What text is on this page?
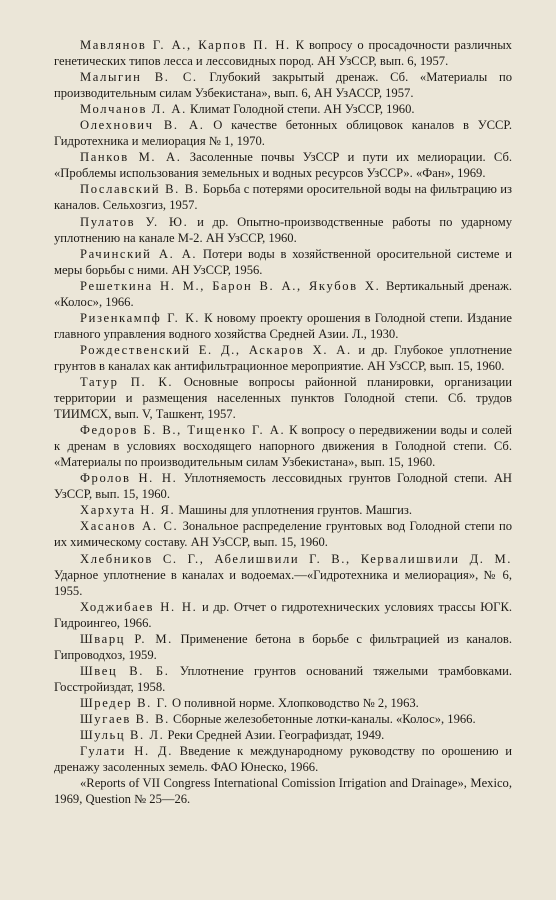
Мавлянов Г. А., Карпов П. Н. К вопросу о просадочности различных генетических типов лесса и лессовидных пород. АН УзССР, вып. 6, 1957.

Малыгин В. С. Глубокий закрытый дренаж. Сб. «Материалы по производительным силам Узбекистана», вып. 6, АН УзАССР, 1957.

Молчанов Л. А. Климат Голодной степи. АН УзССР, 1960.

Олехнович В. А. О качестве бетонных облицовок каналов в УССР. Гидротехника и мелиорация № 1, 1970.

Панков М. А. Засоленные почвы УзССР и пути их мелиорации. Сб. «Проблемы использования земельных и водных ресурсов УзССР». «Фан», 1969.

Пославский В. В. Борьба с потерями оросительной воды на фильтрацию из каналов. Сельхозгиз, 1957.

Пулатов У. Ю. и др. Опытно-производственные работы по ударному уплотнению на канале М-2. АН УзССР, 1960.

Рачинский А. А. Потери воды в хозяйственной оросительной системе и меры борьбы с ними. АН УзССР, 1956.

Решеткина Н. М., Барон В. А., Якубов Х. Вертикальный дренаж. «Колос», 1966.

Ризенкампф Г. К. К новому проекту орошения в Голодной степи. Издание главного управления водного хозяйства Средней Азии. Л., 1930.

Рождественский Е. Д., Аскаров Х. А. и др. Глубокое уплотнение грунтов в каналах как антифильтрационное мероприятие. АН УзССР, вып. 15, 1960.

Татур П. К. Основные вопросы районной планировки, организации территории и размещения населенных пунктов Голодной степи. Сб. трудов ТИИМСХ, вып. V, Ташкент, 1957.

Федоров Б. В., Тищенко Г. А. К вопросу о передвижении воды и солей к дренам в условиях восходящего напорного движения в Голодной степи. Сб. «Материалы по производительным силам Узбекистана», вып. 15, 1960.

Фролов Н. Н. Уплотняемость лессовидных грунтов Голодной степи. АН УзССР, вып. 15, 1960.

Хархута Н. Я. Машины для уплотнения грунтов. Машгиз.

Хасанов А. С. Зональное распределение грунтовых вод Голодной степи по их химическому составу. АН УзССР, вып. 15, 1960.

Хлебников С. Г., Абелишвили Г. В., Кервалишвили Д. М. Ударное уплотнение в каналах и водоемах.—«Гидротехника и мелиорация», № 6, 1955.

Ходжибаев Н. Н. и др. Отчет о гидротехнических условиях трассы ЮГК. Гидроингео, 1966.

Шварц Р. М. Применение бетона в борьбе с фильтрацией из каналов. Гипроводхоз, 1959.

Швец В. Б. Уплотнение грунтов оснований тяжелыми трамбовками. Госстройиздат, 1958.

Шредер В. Г. О поливной норме. Хлопководство № 2, 1963.

Шугаев В. В. Сборные железобетонные лотки-каналы. «Колос», 1966.

Шульц В. Л. Реки Средней Азии. Географиздат, 1949.

Гулати Н. Д. Введение к международному руководству по орошению и дренажу засоленных земель. ФАО Юнеско, 1966.

«Reports of VII Congress International Comission Irrigation and Drainage», Mexico, 1969, Question № 25—26.
